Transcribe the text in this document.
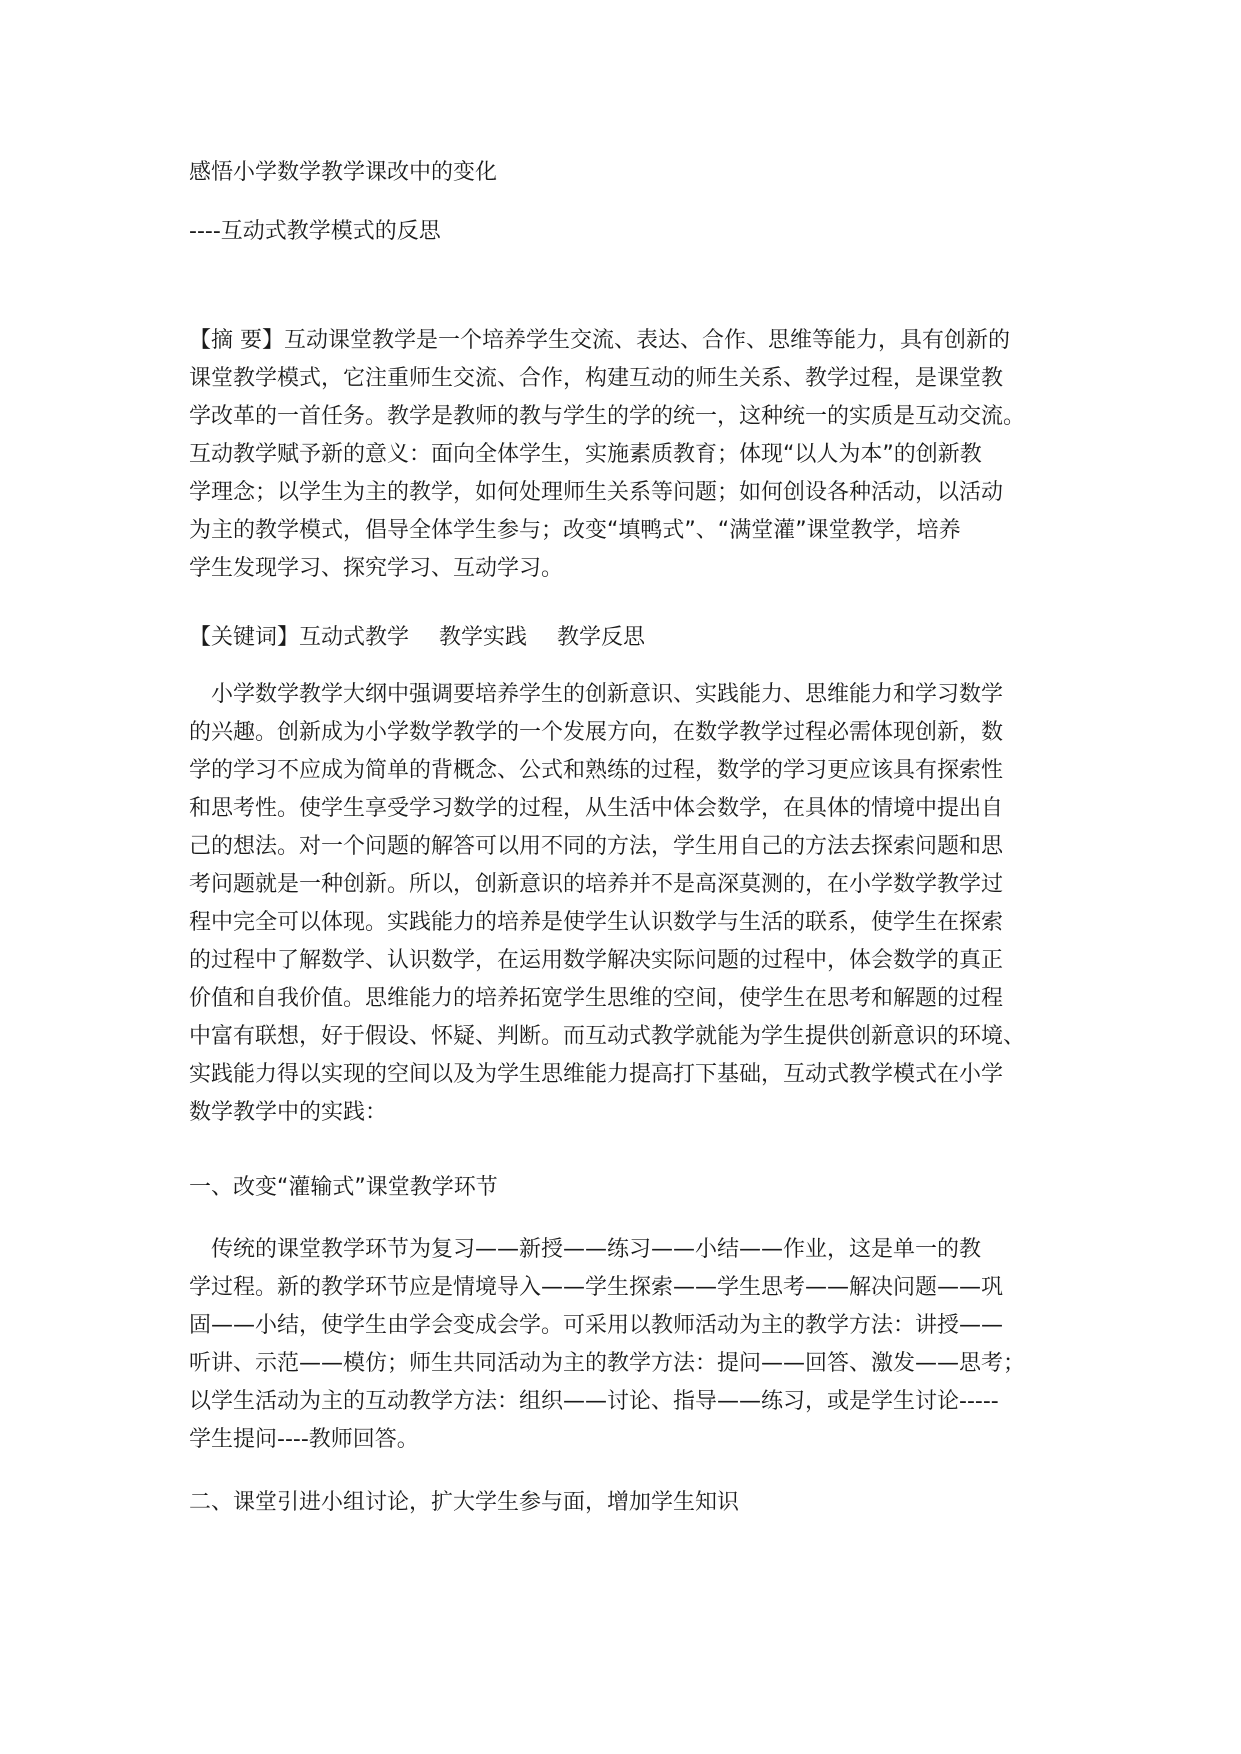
感悟小学数学教学课改中的变化
----互动式教学模式的反思
【摘 要】互动课堂教学是一个培养学生交流、表达、合作、思维等能力，具有创新的
课堂教学模式，它注重师生交流、合作，构建互动的师生关系、教学过程，是课堂教
学改革的一首任务。教学是教师的教与学生的学的统一，这种统一的实质是互动交流。
互动教学赋予新的意义：面向全体学生，实施素质教育；体现“以人为本”的创新教
学理念；以学生为主的教学，如何处理师生关系等问题；如何创设各种活动，以活动
为主的教学模式，倡导全体学生参与；改变“填鸭式”、“满堂灌”课堂教学，培养
学生发现学习、探究学习、互动学习。
【关键词】互动式教学 教学实践 教学反思
　小学数学教学大纲中强调要培养学生的创新意识、实践能力、思维能力和学习数学
的兴趣。创新成为小学数学教学的一个发展方向，在数学教学过程必需体现创新，数
学的学习不应成为简单的背概念、公式和熟练的过程，数学的学习更应该具有探索性
和思考性。使学生享受学习数学的过程，从生活中体会数学，在具体的情境中提出自
己的想法。对一个问题的解答可以用不同的方法，学生用自己的方法去探索问题和思
考问题就是一种创新。所以，创新意识的培养并不是高深莫测的，在小学数学教学过
程中完全可以体现。实践能力的培养是使学生认识数学与生活的联系，使学生在探索
的过程中了解数学、认识数学，在运用数学解决实际问题的过程中，体会数学的真正
价值和自我价值。思维能力的培养拓宽学生思维的空间，使学生在思考和解题的过程
中富有联想，好于假设、怀疑、判断。而互动式教学就能为学生提供创新意识的环境、
实践能力得以实现的空间以及为学生思维能力提高打下基础，互动式教学模式在小学
数学教学中的实践：
一、改变“灌输式”课堂教学环节
　传统的课堂教学环节为复习——新授——练习——小结——作业，这是单一的教
学过程。新的教学环节应是情境导入——学生探索——学生思考——解决问题——巩
固——小结，使学生由学会变成会学。可采用以教师活动为主的教学方法：讲授——
听讲、示范——模仿；师生共同活动为主的教学方法：提问——回答、激发——思考；
以学生活动为主的互动教学方法：组织——讨论、指导——练习，或是学生讨论-----
学生提问----教师回答。
二、课堂引进小组讨论，扩大学生参与面，增加学生知识
